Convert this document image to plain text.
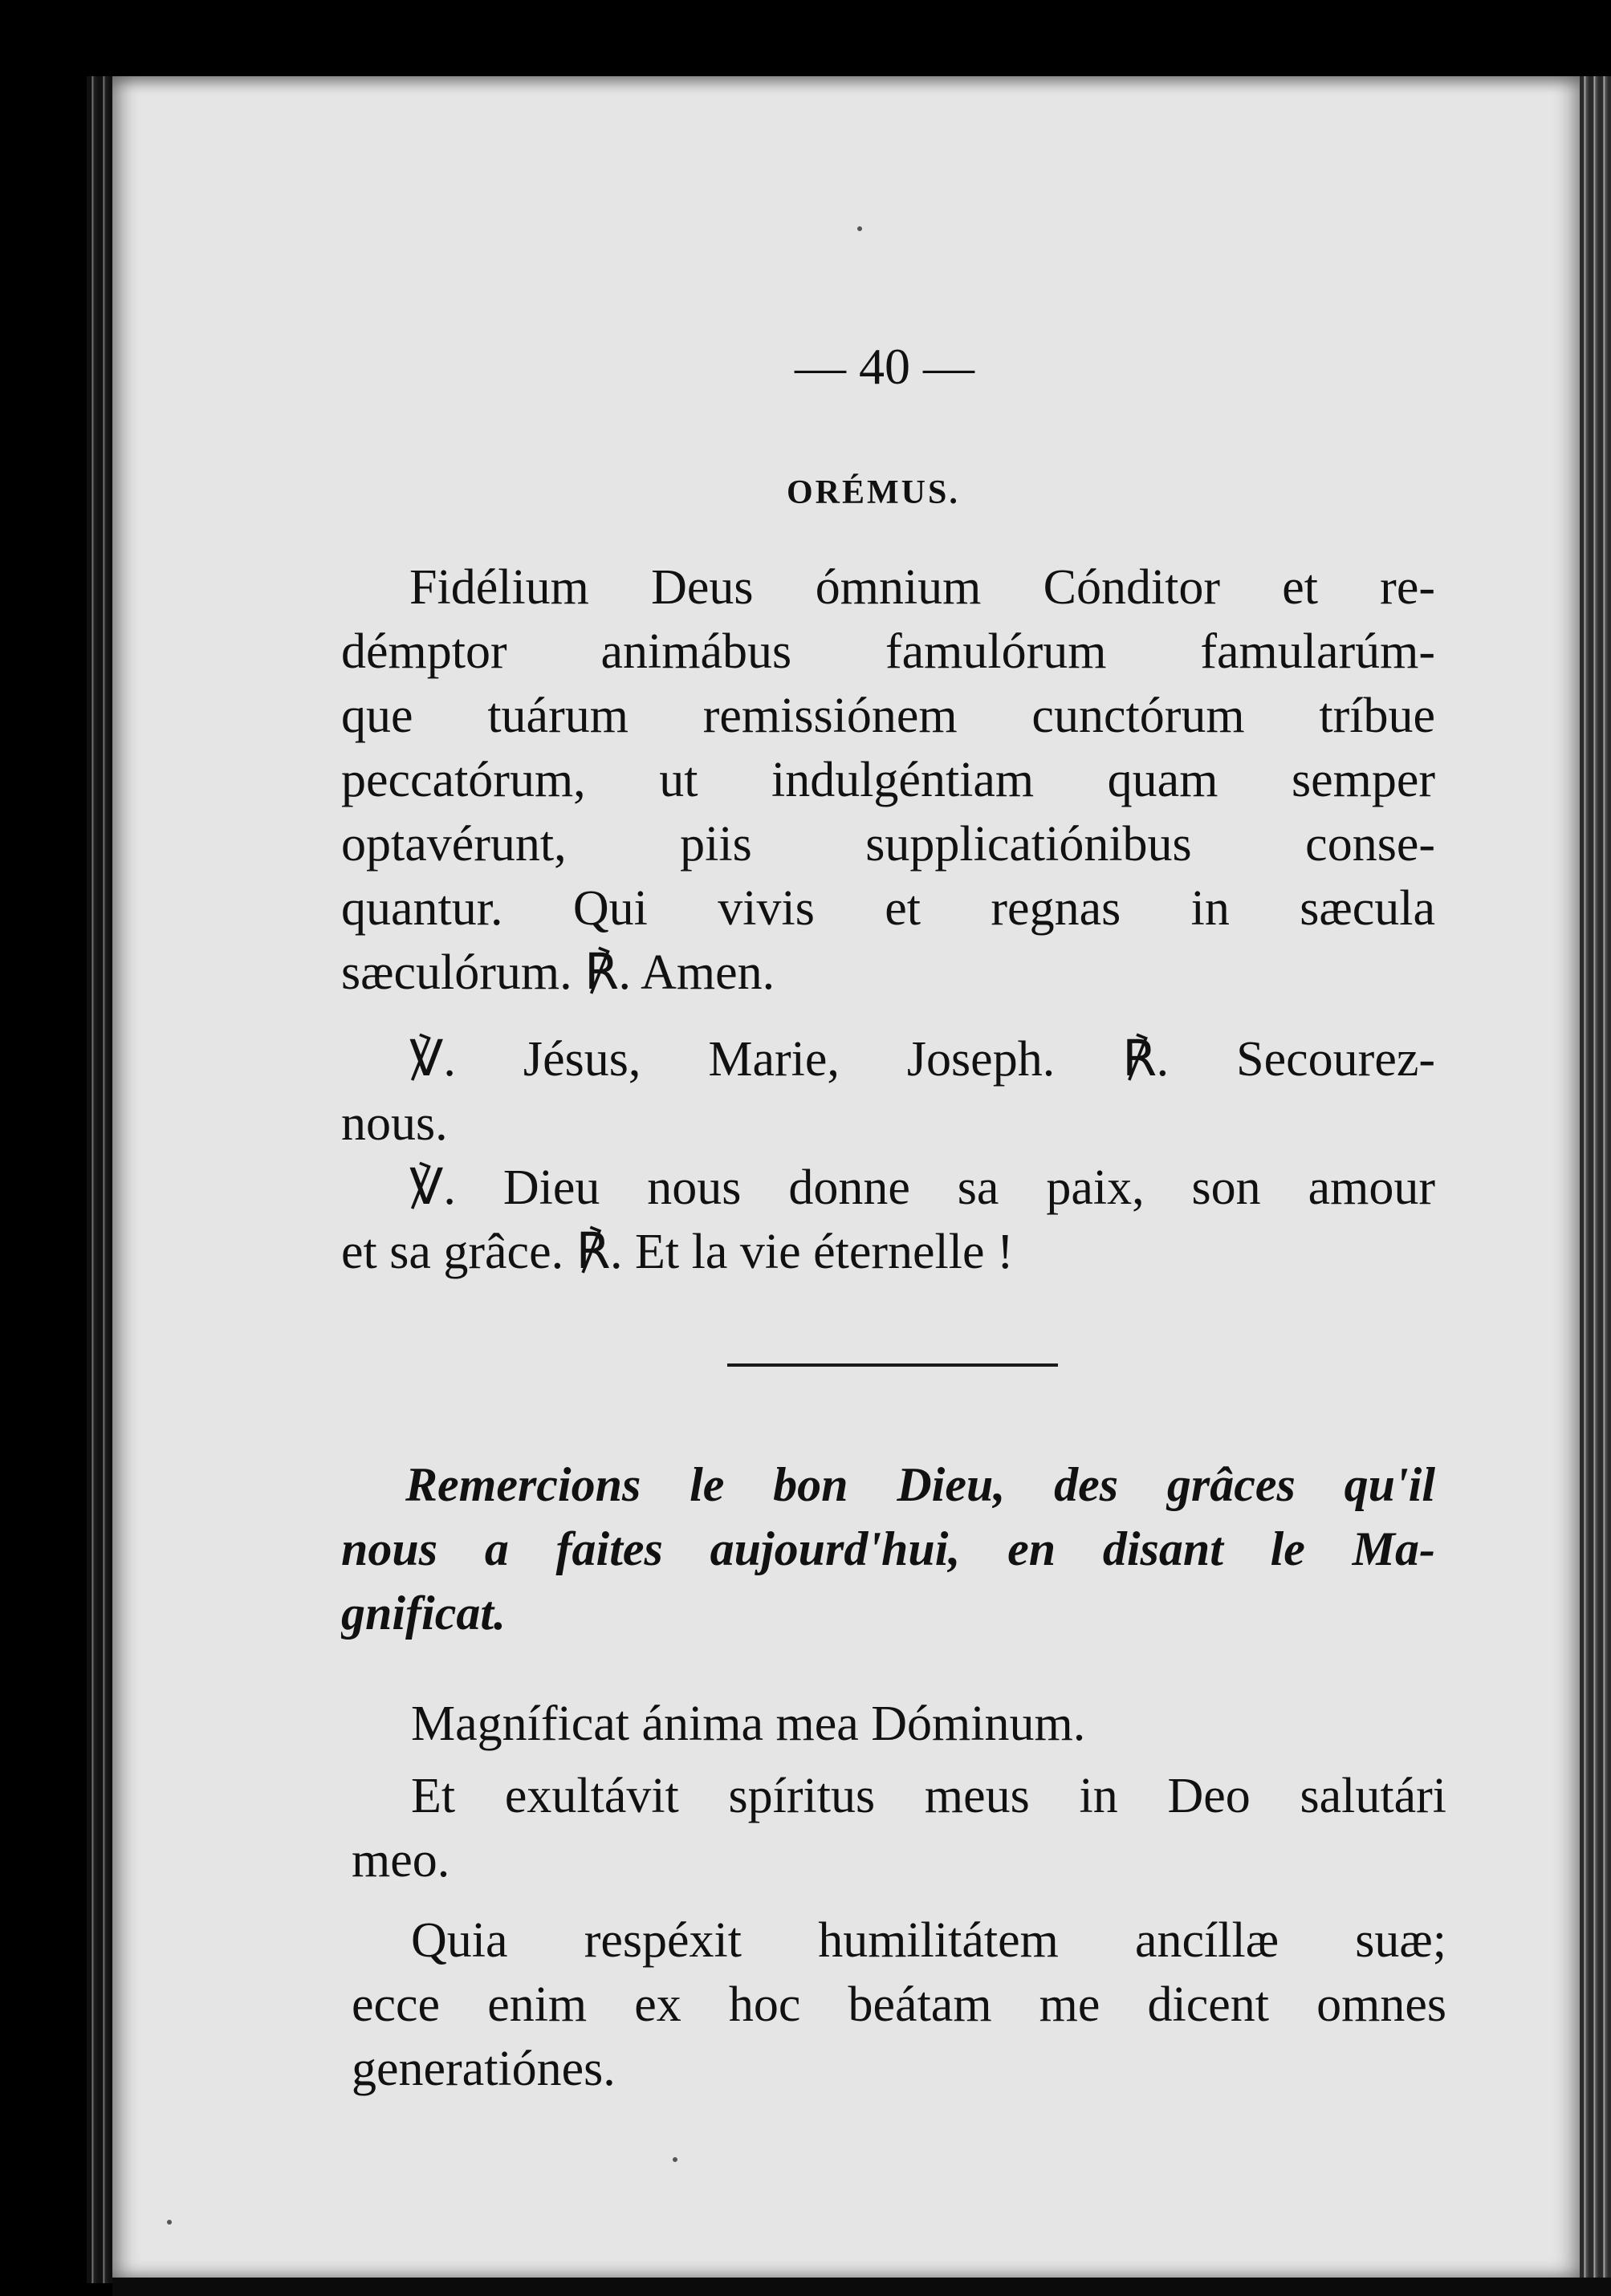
— 40 —
ORÉMUS.
Fidélium Deus ómnium Cónditor et re-
démptor animábus famulórum famularúm-
que tuárum remissiónem cunctórum tríbue
peccatórum, ut indulgéntiam quam semper
optavérunt, piis supplicatiónibus conse-
quantur. Qui vivis et regnas in sæcula
sæculórum. ℟. Amen.
℣. Jésus, Marie, Joseph. ℟. Secourez-
nous.
℣. Dieu nous donne sa paix, son amour
et sa grâce. ℟. Et la vie éternelle !
Remercions le bon Dieu, des grâces qu'il
nous a faites aujourd'hui, en disant le Ma-
gnificat.
Magníficat ánima mea Dóminum.
Et exultávit spíritus meus in Deo salutári
meo.
Quia respéxit humilitátem ancíllæ suæ;
ecce enim ex hoc beátam me dicent omnes
generatiónes.
